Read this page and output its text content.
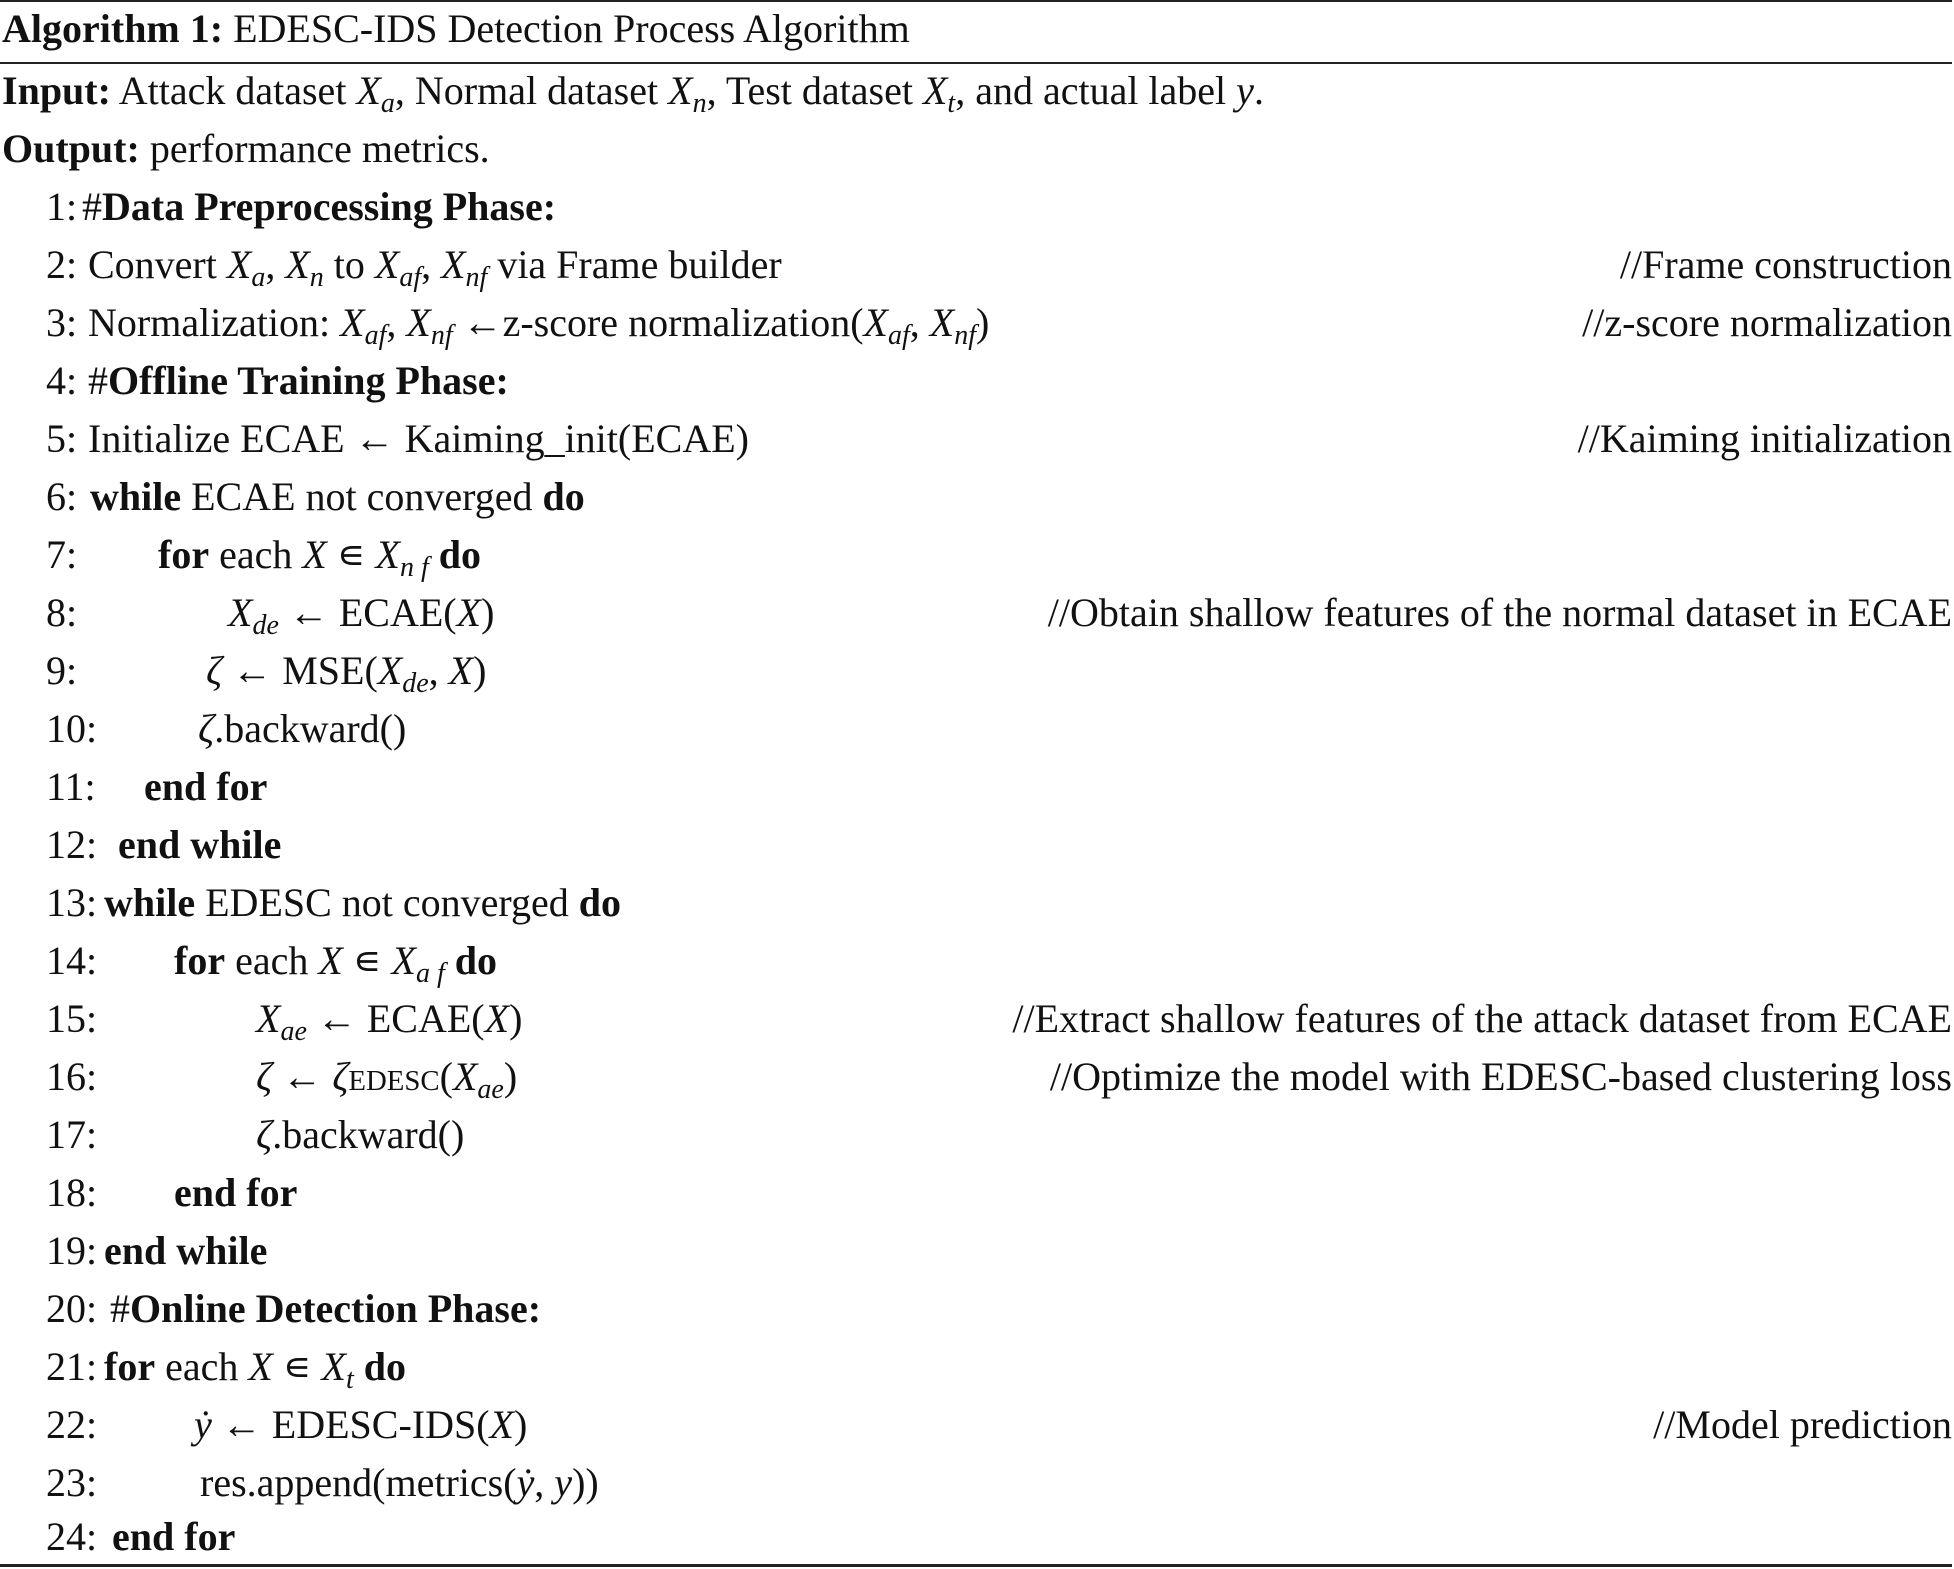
Algorithm 1: EDESC-IDS Detection Process Algorithm
Input: Attack dataset $X_a$, Normal dataset $X_n$, Test dataset $X_t$, and actual label y.
Output: performance metrics.
1: #Data Preprocessing Phase:
2: Convert $X_a$, $X_n$ to $X_{af}$, $X_{nf}$ via Frame builder	//Frame construction
3: Normalization: $X_{af}$, $X_{nf}$ ←z-score $normalization(X_{af}$, $X_{nf}$)	//z-score normalization
4: #Offline Training Phase:
5: Initialize ECAE ← Kaiming_init(ECAE)	//Kaiming initialization
6: while ECAE not converged do
7: for each X ∊ $X_{n f}$ do
8:	$X_{de}$ ← ECAE(X)	//Obtain shallow features of the normal dataset in ECAE
9:	ζ ← $MSE(X_{de}$, X)
10:	ζ.backward()
11: end for
12: end while
13: while EDESC not converged do
14: for each X ∊ $X_{a f}$ do
15:	$X_{ae}$ ← ECAE(X)	//Extract shallow features of the attack dataset from ECAE
16:	ζ ← $\zeta EDESC(X_{ae})$	//Optimize the model with EDESC-based clustering loss
17:	ζ.backward()
18: end for
19: end while
20: #Online Detection Phase:
21: for each X ∊ $X_t$ do
22: ẏ ← EDESC-IDS(X)	//Model prediction
23:	res.append(metrics(ẏ, y))
24: end for
